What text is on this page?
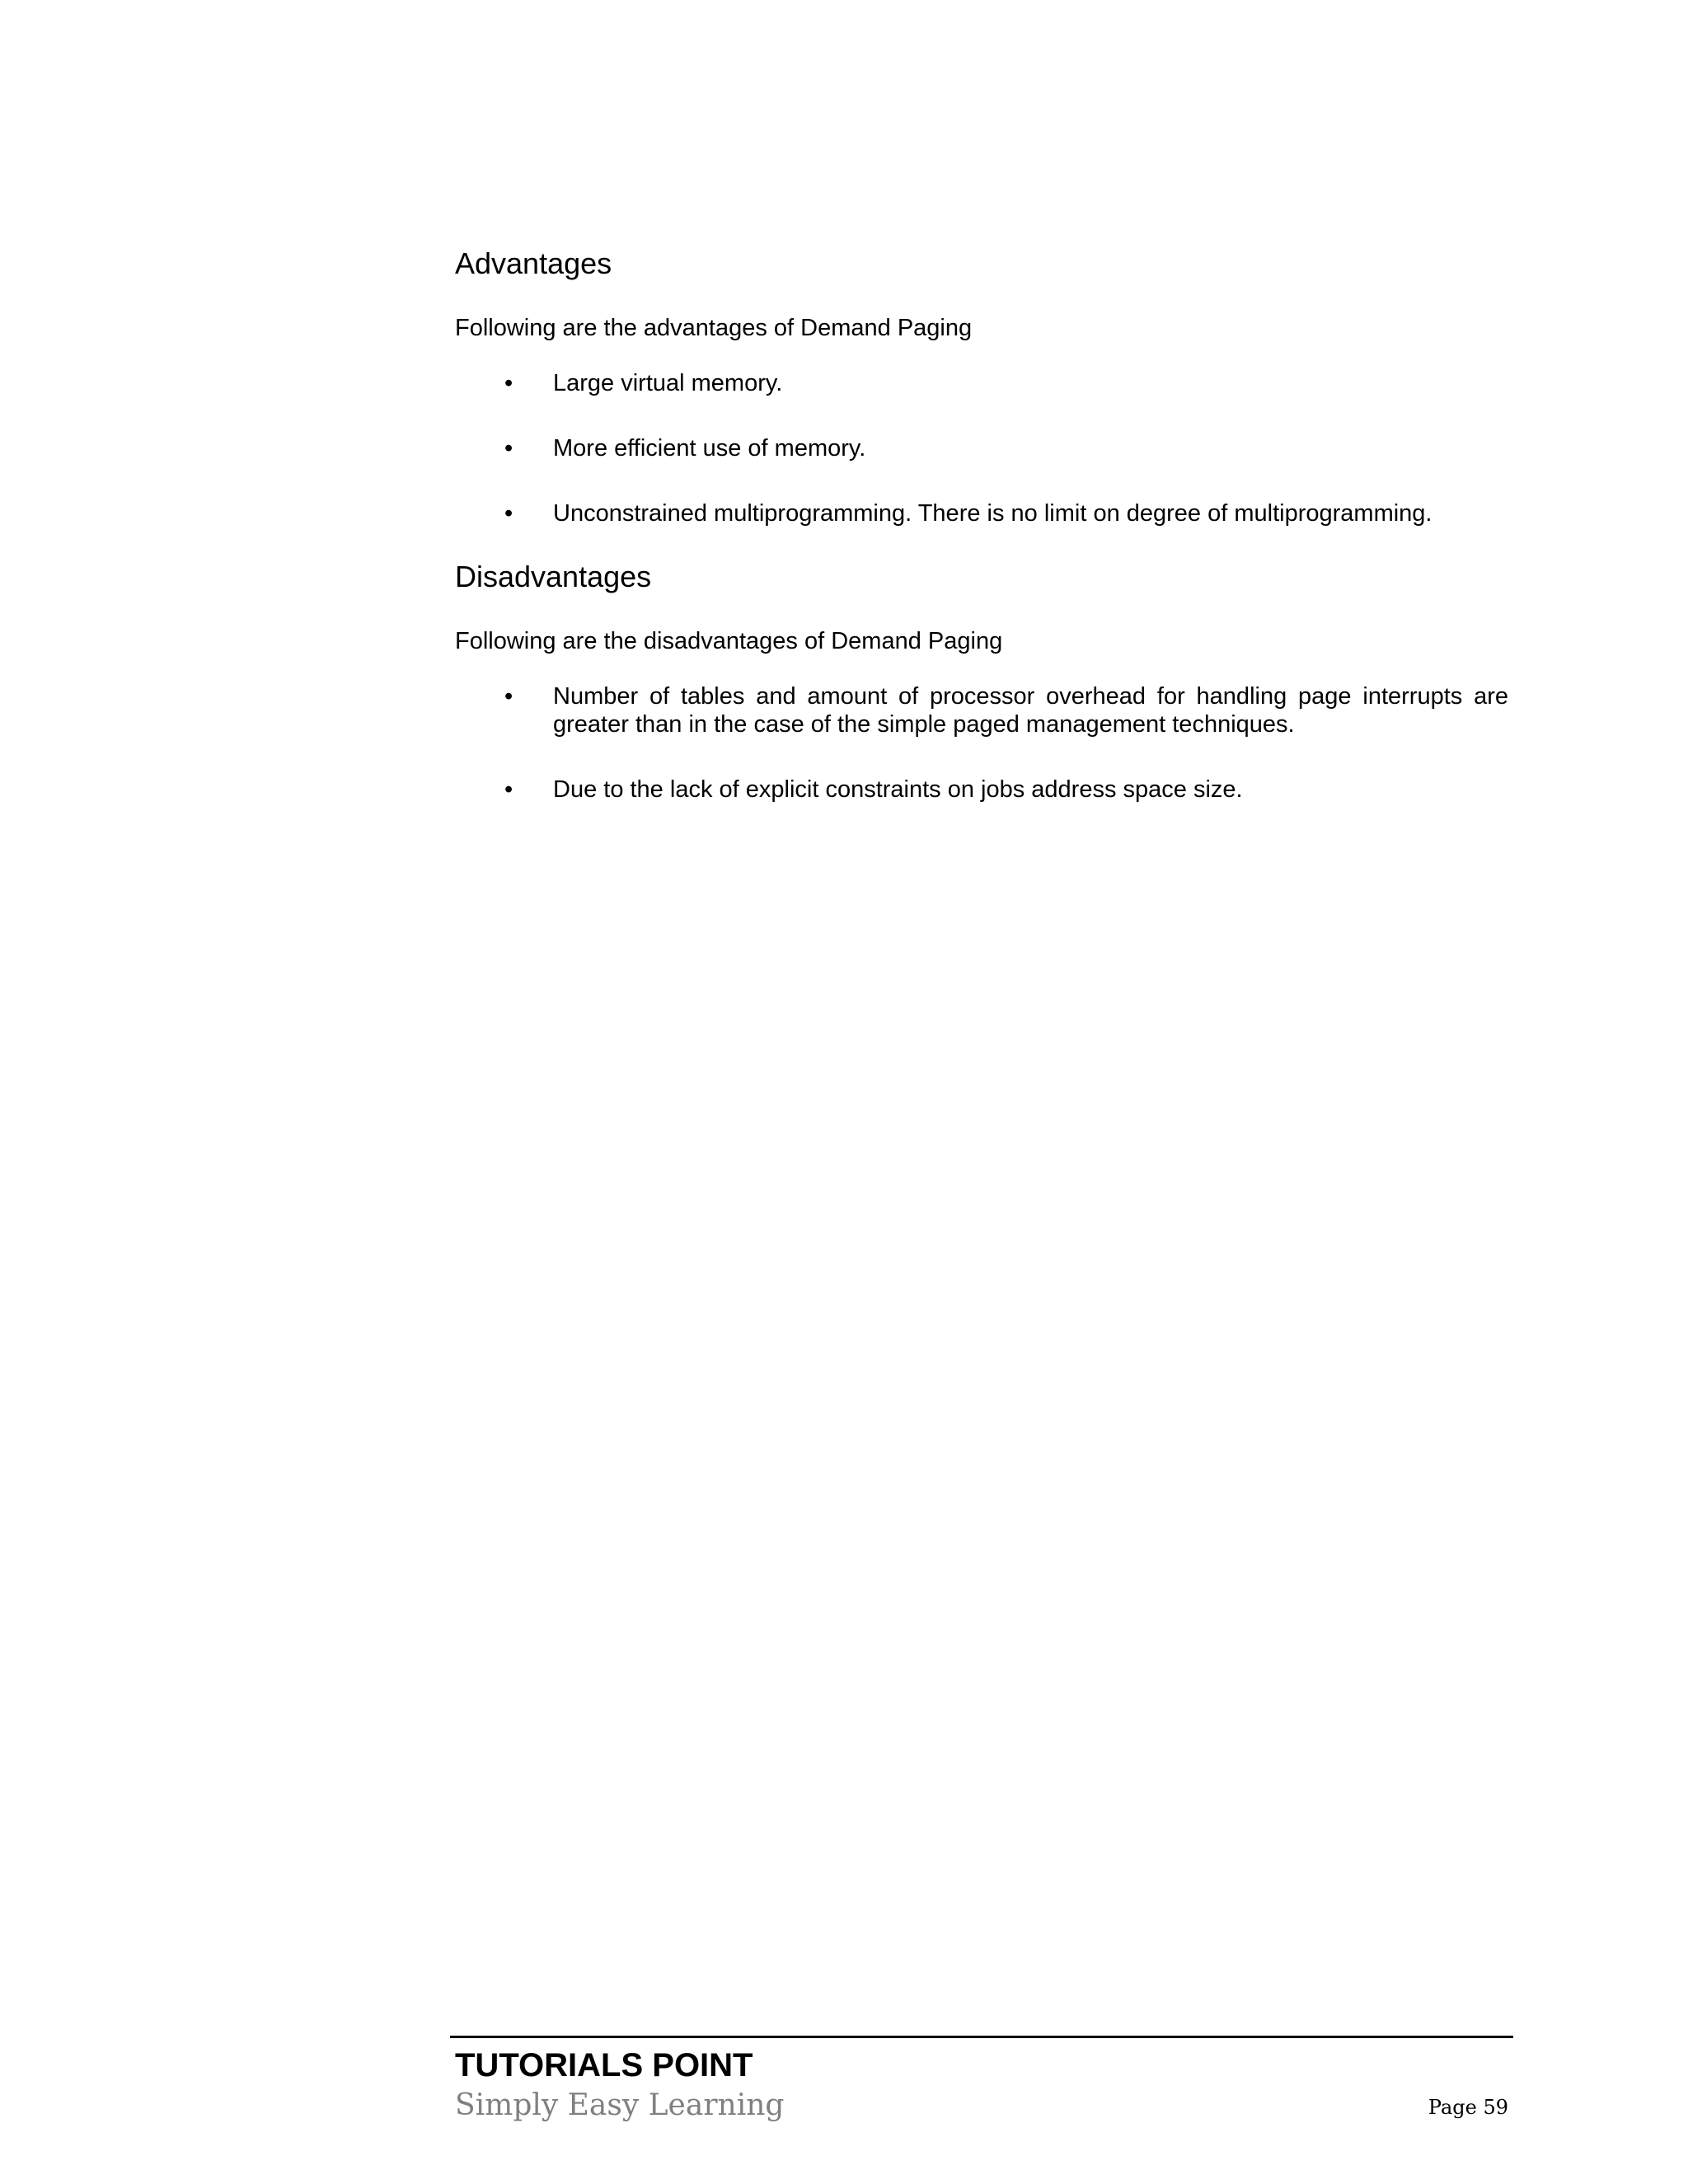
Advantages

Following are the advantages of Demand Paging

• Large virtual memory.
• More efficient use of memory.
• Unconstrained multiprogramming. There is no limit on degree of multiprogramming.
Disadvantages

Following are the disadvantages of Demand Paging

• Number of tables and amount of processor overhead for handling page interrupts are greater than in the case of the simple paged management techniques.
• Due to the lack of explicit constraints on jobs address space size.
TUTORIALS POINT
Simply Easy Learning	Page 59
